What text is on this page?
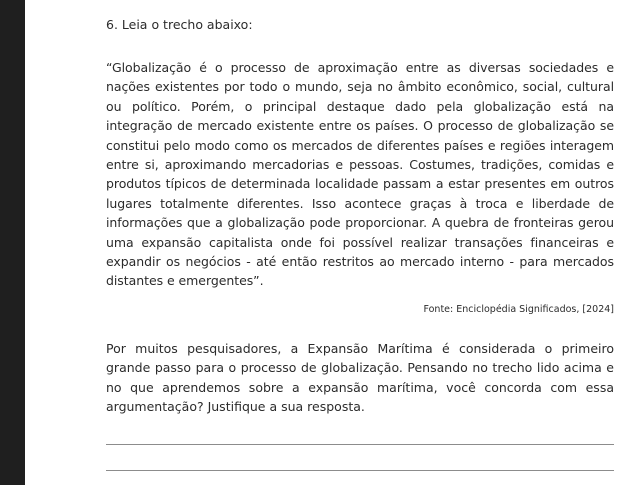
6. Leia o trecho abaixo:

“Globalização é o processo de aproximação entre as diversas sociedades e nações existentes por todo o mundo, seja no âmbito econômico, social, cultural ou político. Porém, o principal destaque dado pela globalização está na integração de mercado existente entre os países. O processo de globalização se constitui pelo modo como os mercados de diferentes países e regiões interagem entre si, aproximando mercadorias e pessoas. Costumes, tradições, comidas e produtos típicos de determinada localidade passam a estar presentes em outros lugares totalmente diferentes. Isso acontece graças à troca e liberdade de informações que a globalização pode proporcionar. A quebra de fronteiras gerou uma expansão capitalista onde foi possível realizar transações financeiras e expandir os negócios - até então restritos ao mercado interno - para mercados distantes e emergentes”.

Fonte: Enciclopédia Significados, [2024]

Por muitos pesquisadores, a Expansão Marítima é considerada o primeiro grande passo para o processo de globalização. Pensando no trecho lido acima e no que aprendemos sobre a expansão marítima, você concorda com essa argumentação? Justifique a sua resposta.
